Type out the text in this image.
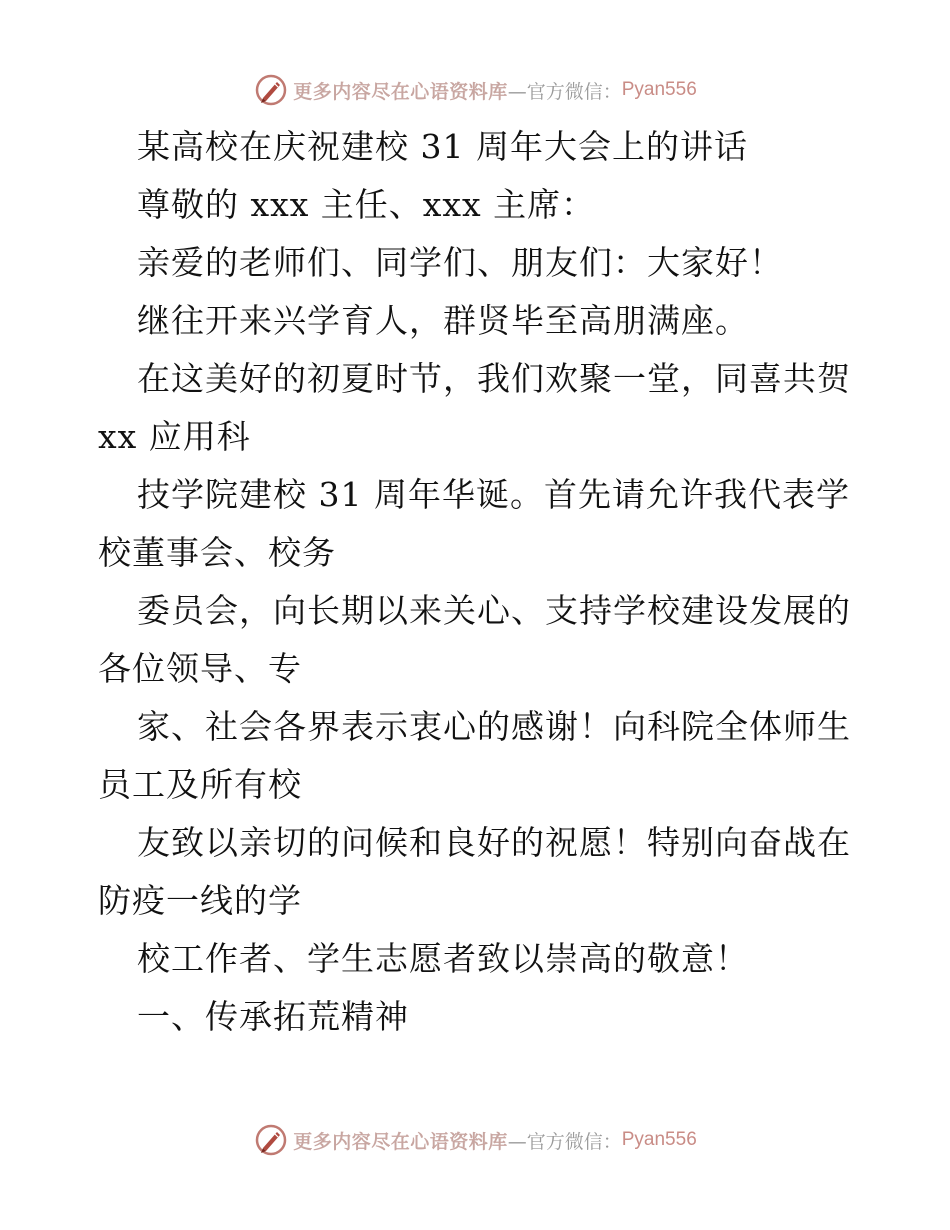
更多内容尽在心语资料库 —官方微信： Pyan556
某高校在庆祝建校 31 周年大会上的讲话
尊敬的 xxx 主任、xxx 主席：
亲爱的老师们、同学们、朋友们：大家好！
继往开来兴学育人，群贤毕至高朋满座。
在这美好的初夏时节，我们欢聚一堂，同喜共贺
xx 应用科
技学院建校 31 周年华诞。首先请允许我代表学
校董事会、校务
委员会，向长期以来关心、支持学校建设发展的
各位领导、专
家、社会各界表示衷心的感谢！向科院全体师生
员工及所有校
友致以亲切的问候和良好的祝愿！特别向奋战在
防疫一线的学
校工作者、学生志愿者致以崇高的敬意！
一、传承拓荒精神
更多内容尽在心语资料库 —官方微信： Pyan556
